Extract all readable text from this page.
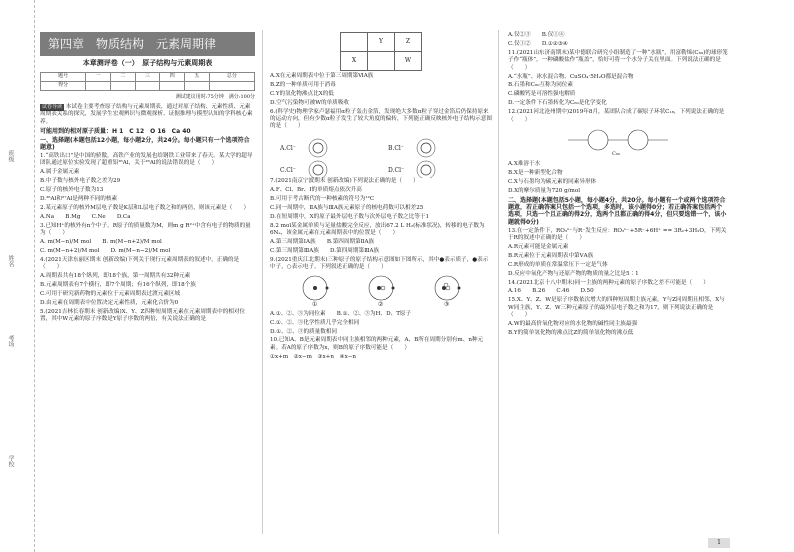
班级
姓名
考场
学校
第四章　物质结构　元素周期律
本章测评卷（一）　原子结构与元素周期表
题号	一	二	三	四	五	总分
得分						
测试建议用时:75分钟　满分:100分

试卷导读 本试卷主要考查原子结构与元素周期表，通过对原子结构、元素性质、元素周期表关系的探究，发展学生宏观辨识与微观探析、证据推理与模型认知的学科核心素养。

可能用到的相对原子质量：H 1　C 12　O 16　Ca 40

一、选择题(本题包括12小题，每小题2分，共24分。每小题只有一个选项符合题意)

1.“高铁出口”是中国的骄傲，高铁产业的发展也给钢铁工业带来了春天。某大学的超导团队通过原位实验发现了超重铝²⁶Al，关于²⁶Al的说法错误的是（　　）

A.属于金属元素

B.中子数与核外电子数之差为29

C.原子的核外电子数为13

D.²⁶Al和²⁷Al是两种不同的核素

2.某元素原子的核外M层电子数是K层和L层电子数之和的两倍，则该元素是（　　）

A.Na　　B.Mg　　C.Ne　　D.Ca

3.已知H⁺的核外有n个中子，R原子的质量数为M，则m g R²⁺中含有电子的物质的量为（　　）

A. m(M−n)/M mol　　B. m(M−n+2)/M mol

C. m(M−n+2)/M mol　　D. m(M−n−2)/M mol

4.(2021天津东丽区期末 创新改编)下列关于现行元素周期表的叙述中，正确的是（　　）

A.周期表共有18个纵列，即18个族，第一周期共有32种元素

B.元素周期表有7个横行，即7个周期；有16个纵列，即18个族

C.可用于研究新药物的元素位于元素周期表过渡元素区域

D.由元素在周期表中位置决定元素性质，元素化合价为0

5.(2021吉林长春期末 创新改编)X、Y、Z四种短周期元素在元素周期表中的相对位置，其中W元素的原子序数是Y原子序数的两倍，有关说法正确的是

	Y	Z
X		W

A.X在元素周期表中位于第三周期第ⅥA族

B.Z的一种单质可用于消毒

C.Y的氢化物沸点比X的低

D.空气污染物可被W的单质吸收

6.(科学史)物理学家卢瑟福用α粒子轰击金箔，发现绝大多数α粒子穿过金箔后仍保持原来的运动方向，但有少数α粒子发生了较大角度的偏转，下列能正确反映核外电子结构示意图的是（　　）

A.Cl⁻	B.Cl⁻
C.Cl⁻	D.Cl⁻

7.(2021南京宁波期末 创新改编)下列说法正确的是（　　）

A.F、Cl、Br、I的单质熔点依次升高

B.可用于考古断代的一种核素的符号为¹²C

C.同一周期中，ⅡA族与ⅢA族元素原子的核电荷数可以相差25

D.在短周期中，X的原子最外层电子数与次外层电子数之比等于1

8.2 mol某金属单质与足量盐酸完全反应，放出67.2 L H₂(标准状况)，转移的电子数为6Nₐ，该金属元素在元素周期表中的位置是（　　）

A.第三周期第ⅠA族　　B.第四周期第ⅡA族

C.第三周期第ⅢA族　　D.第四周期第ⅢA族

9.(2021重庆江北期末)三种原子的原子结构示意图如下图所示，其中●表示质子，●表示中子，○表示电子。下列叙述正确的是（　　）

①	②	③

A.①、②、③为同位素　　B.①、②、③为H、D、T原子

C.①、②、③化学性质几乎完全相同

D.①、②、③的质量数相同

10.已知A、B是元素周期表中同主族相邻的两种元素，A、B所在周期分别有m、n种元素。若A的原子序数为x，则B的原子序数可能是（　　）

①x+m　②x−m　③x+n　④x−n

A.仅②③　　B.仅①④

C.仅①②　　D.①②③④

11.(2021山东济南期末)某中德联合研究小组制造了一种“水瓶”，用富勒烯(C₆₀)的球形笼子作“瓶体”，一种磷酸盐作“瓶盖”，恰好可将一个水分子关在里面。下列说法正确的是（　　）

A.“水瓶”、冰水混合物、CuSO₄·5H₂O都是混合物

B.石墨和C₆₀互称为同位素

C.磷酸钙是可溶性强电解质

D.一定条件下石墨转化为C₆₀是化学变化

12.(2021河北沧州期中)2019年8月，某团队合成了碳原子环状C₁₈，下列说法正确的是（　　）

C₆₀

A.X难溶于水

B.X是一种新型化合物

C.X与石墨均为碳元素的同素异形体

D.X的摩尔质量为720 g/mol

二、选择题(本题包括5小题，每小题4分，共20分。每小题有一个或两个选项符合题意，若正确答案只包括一个选项，多选时，该小题得0分；若正确答案包括两个选项，只选一个且正确的得2分，选两个且都正确的得4分，但只要选错一个，该小题就得0分)

13.在一定条件下，RO₃ⁿ⁻与R⁻发生反应：RO₃ⁿ⁻+5R⁻+6H⁺ == 3R₂+3H₂O，下列关于R的叙述中正确的是（　　）

A.R元素可能是金属元素

B.R元素位于元素周期表中第ⅤA族

C.R形成的单质在常温常压下一定是气体

D.反应中氧化产物与还原产物的物质的量之比是5∶1

14.(2021北京十八中期末)同一主族的两种元素的原子序数之差不可能是（　　）

A.16　　B.26　　C.46　　D.50

15.X、Y、Z、W是原子序数依次增大的四种短周期主族元素。Y与Z同周期且相邻，X与W同主族，Y、Z、W三种元素原子的最外层电子数之和为17，则下列说法正确的是（　　）

A.W的最高价氧化物对应的水化物的碱性同主族最强

B.Y的简单氢化物的沸点比Z的简单氢化物的沸点低

1
